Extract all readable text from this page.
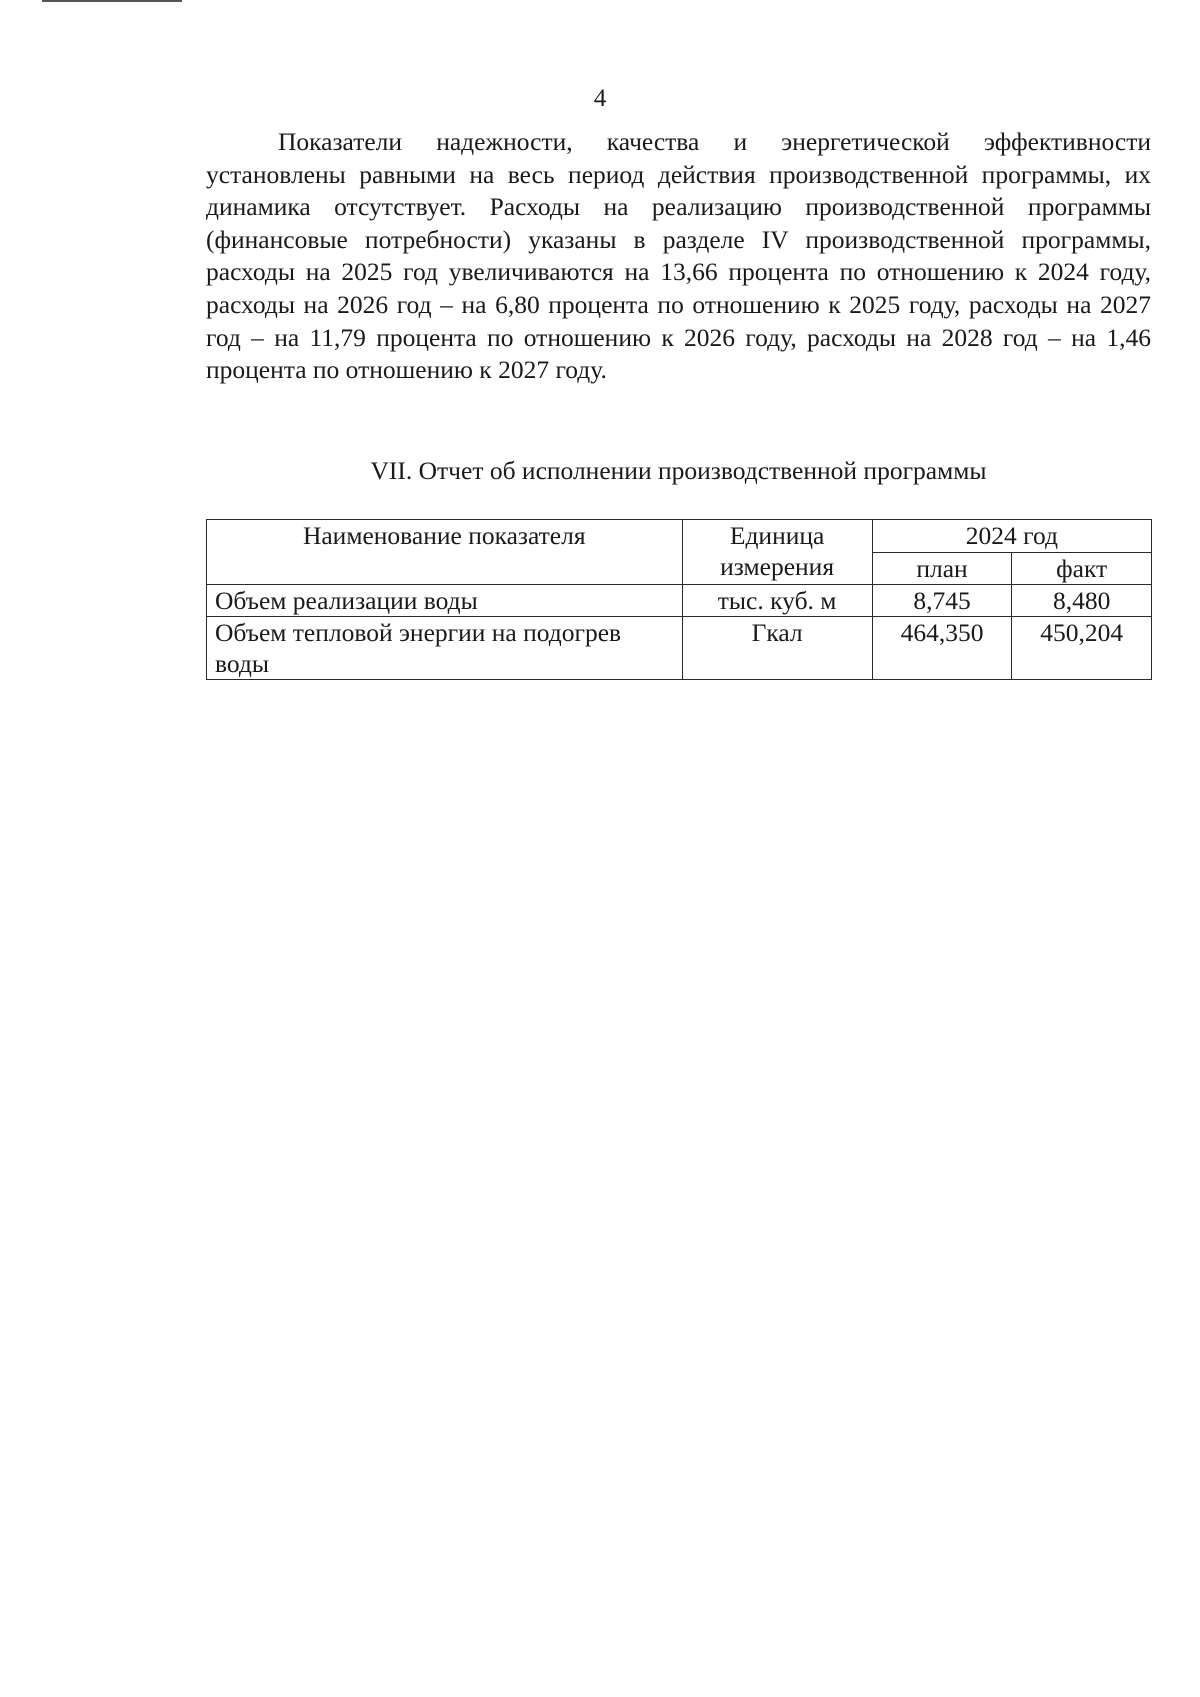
4

Показатели надежности, качества и энергетической эффективности установлены равными на весь период действия производственной программы, их динамика отсутствует. Расходы на реализацию производственной программы (финансовые потребности) указаны в разделе IV производственной программы, расходы на 2025 год увеличиваются на 13,66 процента по отношению к 2024 году, расходы на 2026 год – на 6,80 процента по отношению к 2025 году, расходы на 2027 год – на 11,79 процента по отношению к 2026 году, расходы на 2028 год – на 1,46 процента по отношению к 2027 году.

VII. Отчет об исполнении производственной программы
Наименование показателя	Единица измерения	2024 год	
		план	факт
Объем реализации воды	тыс. куб. м	8,745	8,480
Объем тепловой энергии на подогрев воды	Гкал	464,350	450,204
